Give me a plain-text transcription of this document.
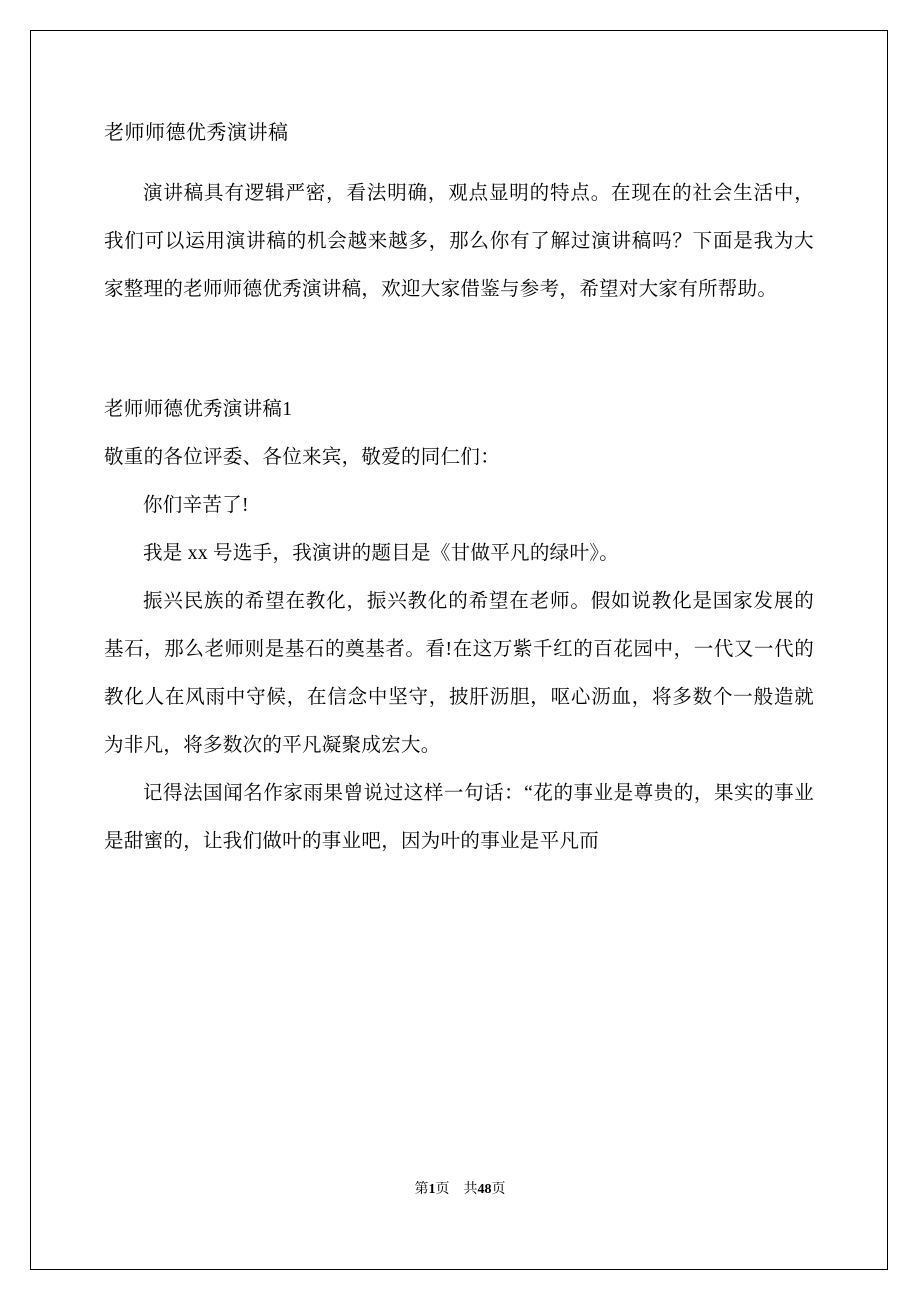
老师师德优秀演讲稿

演讲稿具有逻辑严密，看法明确，观点显明的特点。在现在的社会生活中，我们可以运用演讲稿的机会越来越多，那么你有了解过演讲稿吗？下面是我为大家整理的老师师德优秀演讲稿，欢迎大家借鉴与参考，希望对大家有所帮助。

老师师德优秀演讲稿1

敬重的各位评委、各位来宾，敬爱的同仁们：

你们辛苦了!

我是 xx 号选手，我演讲的题目是《甘做平凡的绿叶》。

振兴民族的希望在教化，振兴教化的希望在老师。假如说教化是国家发展的基石，那么老师则是基石的奠基者。看!在这万紫千红的百花园中，一代又一代的教化人在风雨中守候，在信念中坚守，披肝沥胆，呕心沥血，将多数个一般造就为非凡，将多数次的平凡凝聚成宏大。

记得法国闻名作家雨果曾说过这样一句话：“花的事业是尊贵的，果实的事业是甜蜜的，让我们做叶的事业吧，因为叶的事业是平凡而

第1页 共48页
